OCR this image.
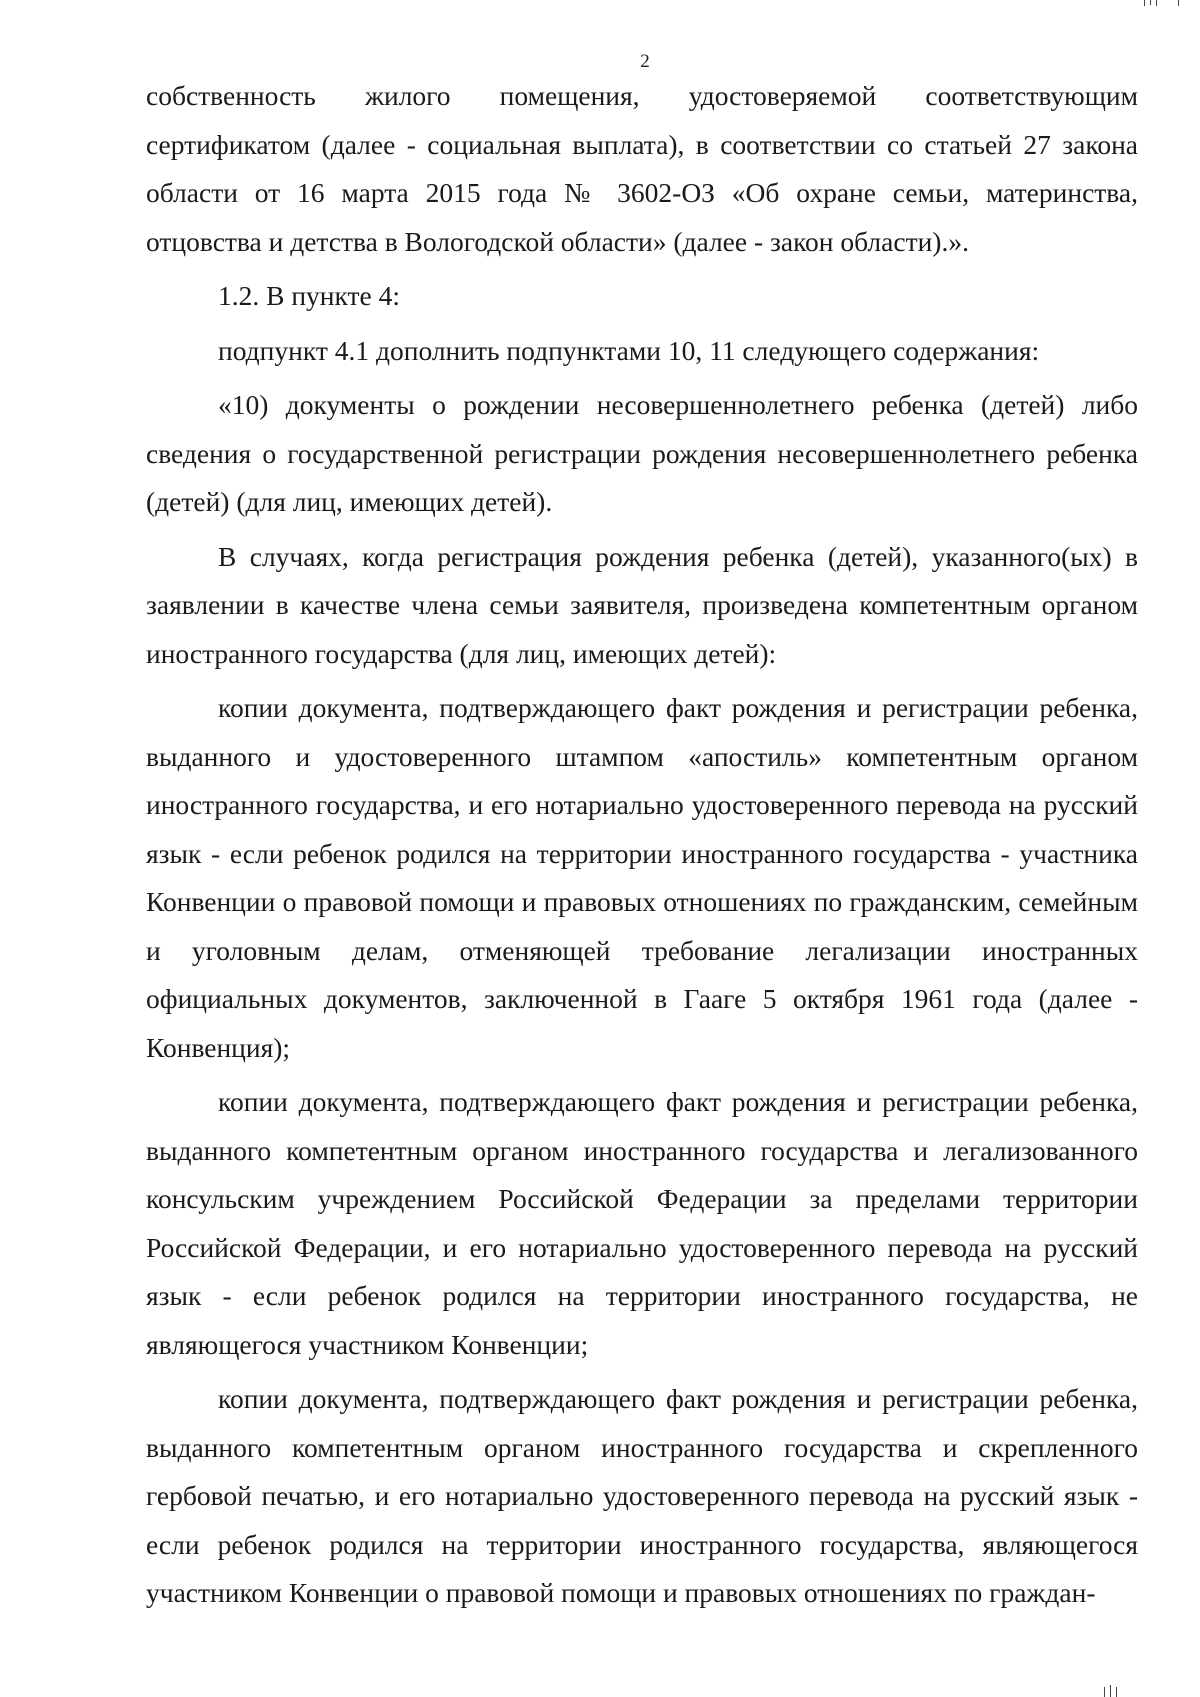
2

собственность жилого помещения, удостоверяемой соответствующим сертификатом (далее - социальная выплата), в соответствии со статьей 27 закона области от 16 марта 2015 года № 3602-ОЗ «Об охране семьи, материнства, отцовства и детства в Вологодской области» (далее - закон области).».

1.2. В пункте 4:

подпункт 4.1 дополнить подпунктами 10, 11 следующего содержания:

«10) документы о рождении несовершеннолетнего ребенка (детей) либо сведения о государственной регистрации рождения несовершеннолетнего ребенка (детей) (для лиц, имеющих детей).

В случаях, когда регистрация рождения ребенка (детей), указанного(ых) в заявлении в качестве члена семьи заявителя, произведена компетентным органом иностранного государства (для лиц, имеющих детей):

копии документа, подтверждающего факт рождения и регистрации ребенка, выданного и удостоверенного штампом «апостиль» компетентным органом иностранного государства, и его нотариально удостоверенного перевода на русский язык - если ребенок родился на территории иностранного государства - участника Конвенции о правовой помощи и правовых отношениях по гражданским, семейным и уголовным делам, отменяющей требование легализации иностранных официальных документов, заключенной в Гааге 5 октября 1961 года (далее - Конвенция);

копии документа, подтверждающего факт рождения и регистрации ребенка, выданного компетентным органом иностранного государства и легализованного консульским учреждением Российской Федерации за пределами территории Российской Федерации, и его нотариально удостоверенного перевода на русский язык - если ребенок родился на территории иностранного государства, не являющегося участником Конвенции;

копии документа, подтверждающего факт рождения и регистрации ребенка, выданного компетентным органом иностранного государства и скрепленного гербовой печатью, и его нотариально удостоверенного перевода на русский язык - если ребенок родился на территории иностранного государства, являющегося участником Конвенции о правовой помощи и правовых отношениях по граждан-
